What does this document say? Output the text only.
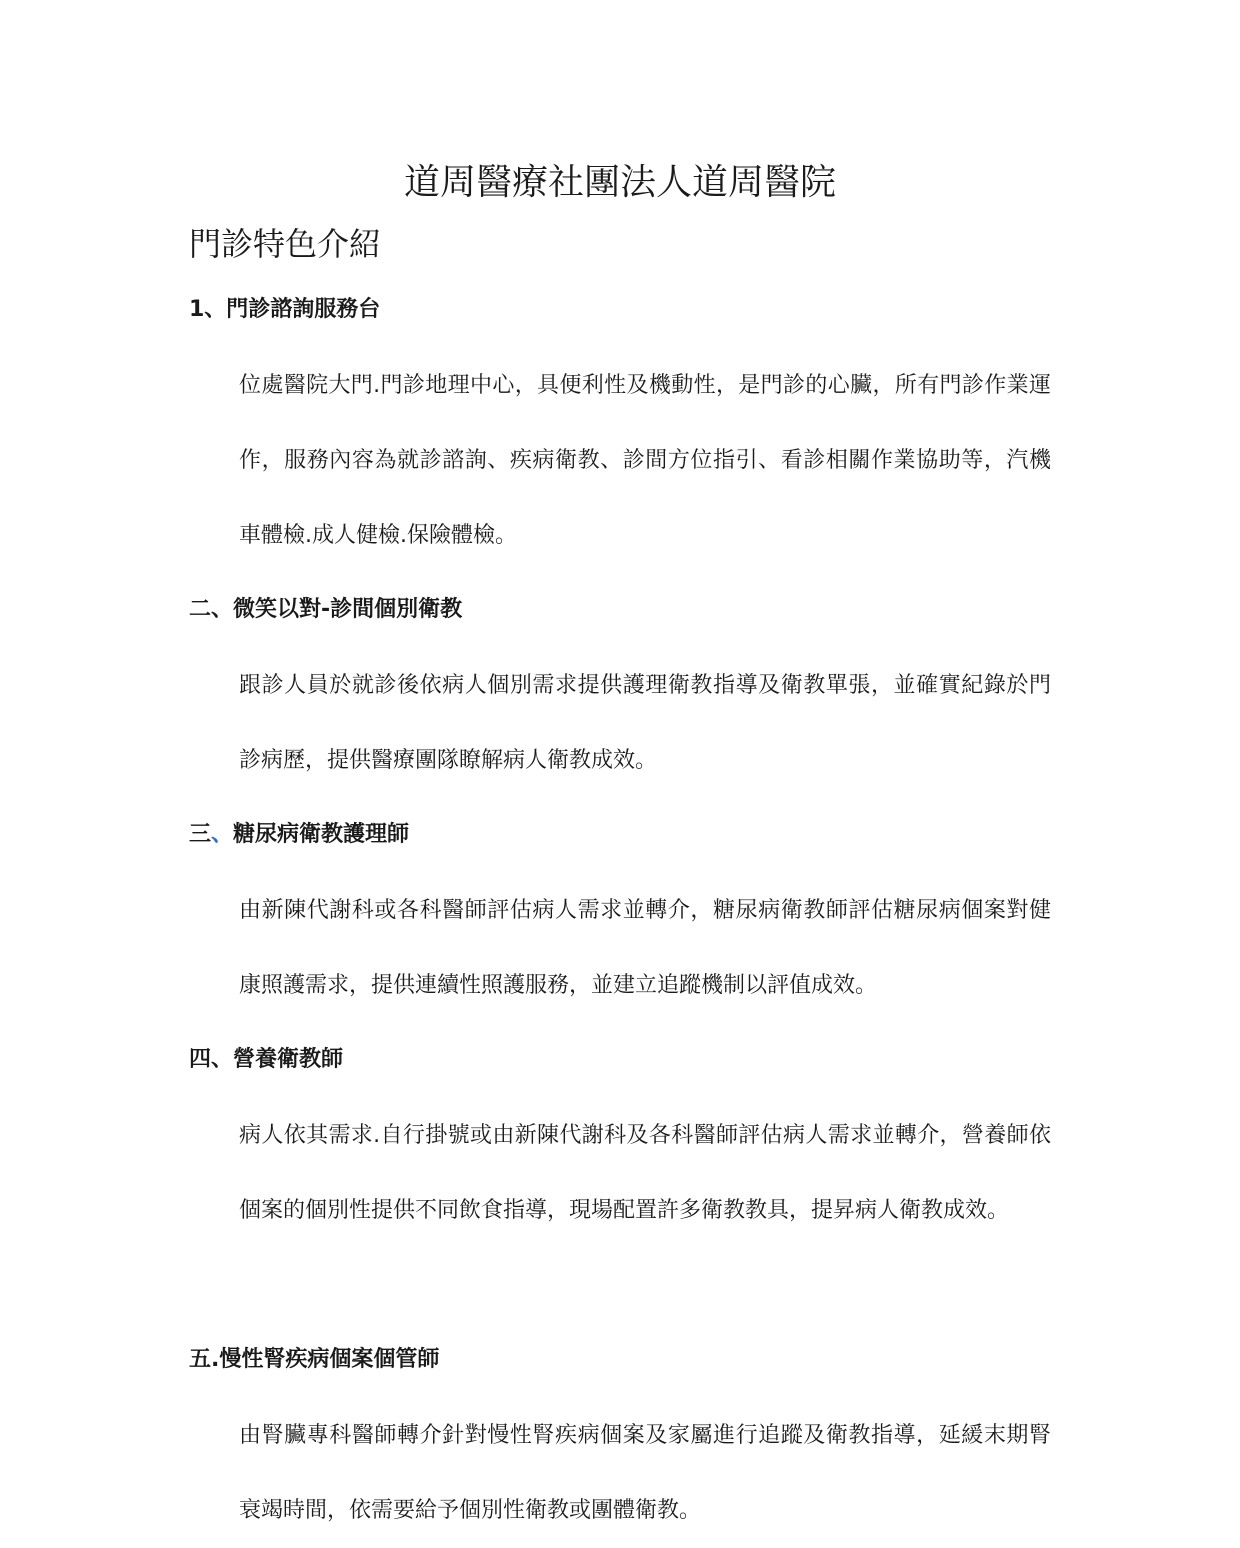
道周醫療社團法人道周醫院
門診特色介紹
1、門診諮詢服務台

位處醫院大門.門診地理中心，具便利性及機動性，是門診的心臟，所有門診作業運作，服務內容為就診諮詢、疾病衛教、診間方位指引、看診相關作業協助等，汽機車體檢.成人健檢.保險體檢。

二、微笑以對-診間個別衛教

跟診人員於就診後依病人個別需求提供護理衛教指導及衛教單張，並確實紀錄於門診病歷，提供醫療團隊瞭解病人衛教成效。

三、糖尿病衛教護理師

由新陳代謝科或各科醫師評估病人需求並轉介，糖尿病衛教師評估糖尿病個案對健康照護需求，提供連續性照護服務，並建立追蹤機制以評值成效。

四、營養衛教師

病人依其需求.自行掛號或由新陳代謝科及各科醫師評估病人需求並轉介，營養師依個案的個別性提供不同飲食指導，現場配置許多衛教教具，提昇病人衛教成效。

五.慢性腎疾病個案個管師

由腎臟專科醫師轉介針對慢性腎疾病個案及家屬進行追蹤及衛教指導，延緩末期腎衰竭時間，依需要給予個別性衛教或團體衛教。
